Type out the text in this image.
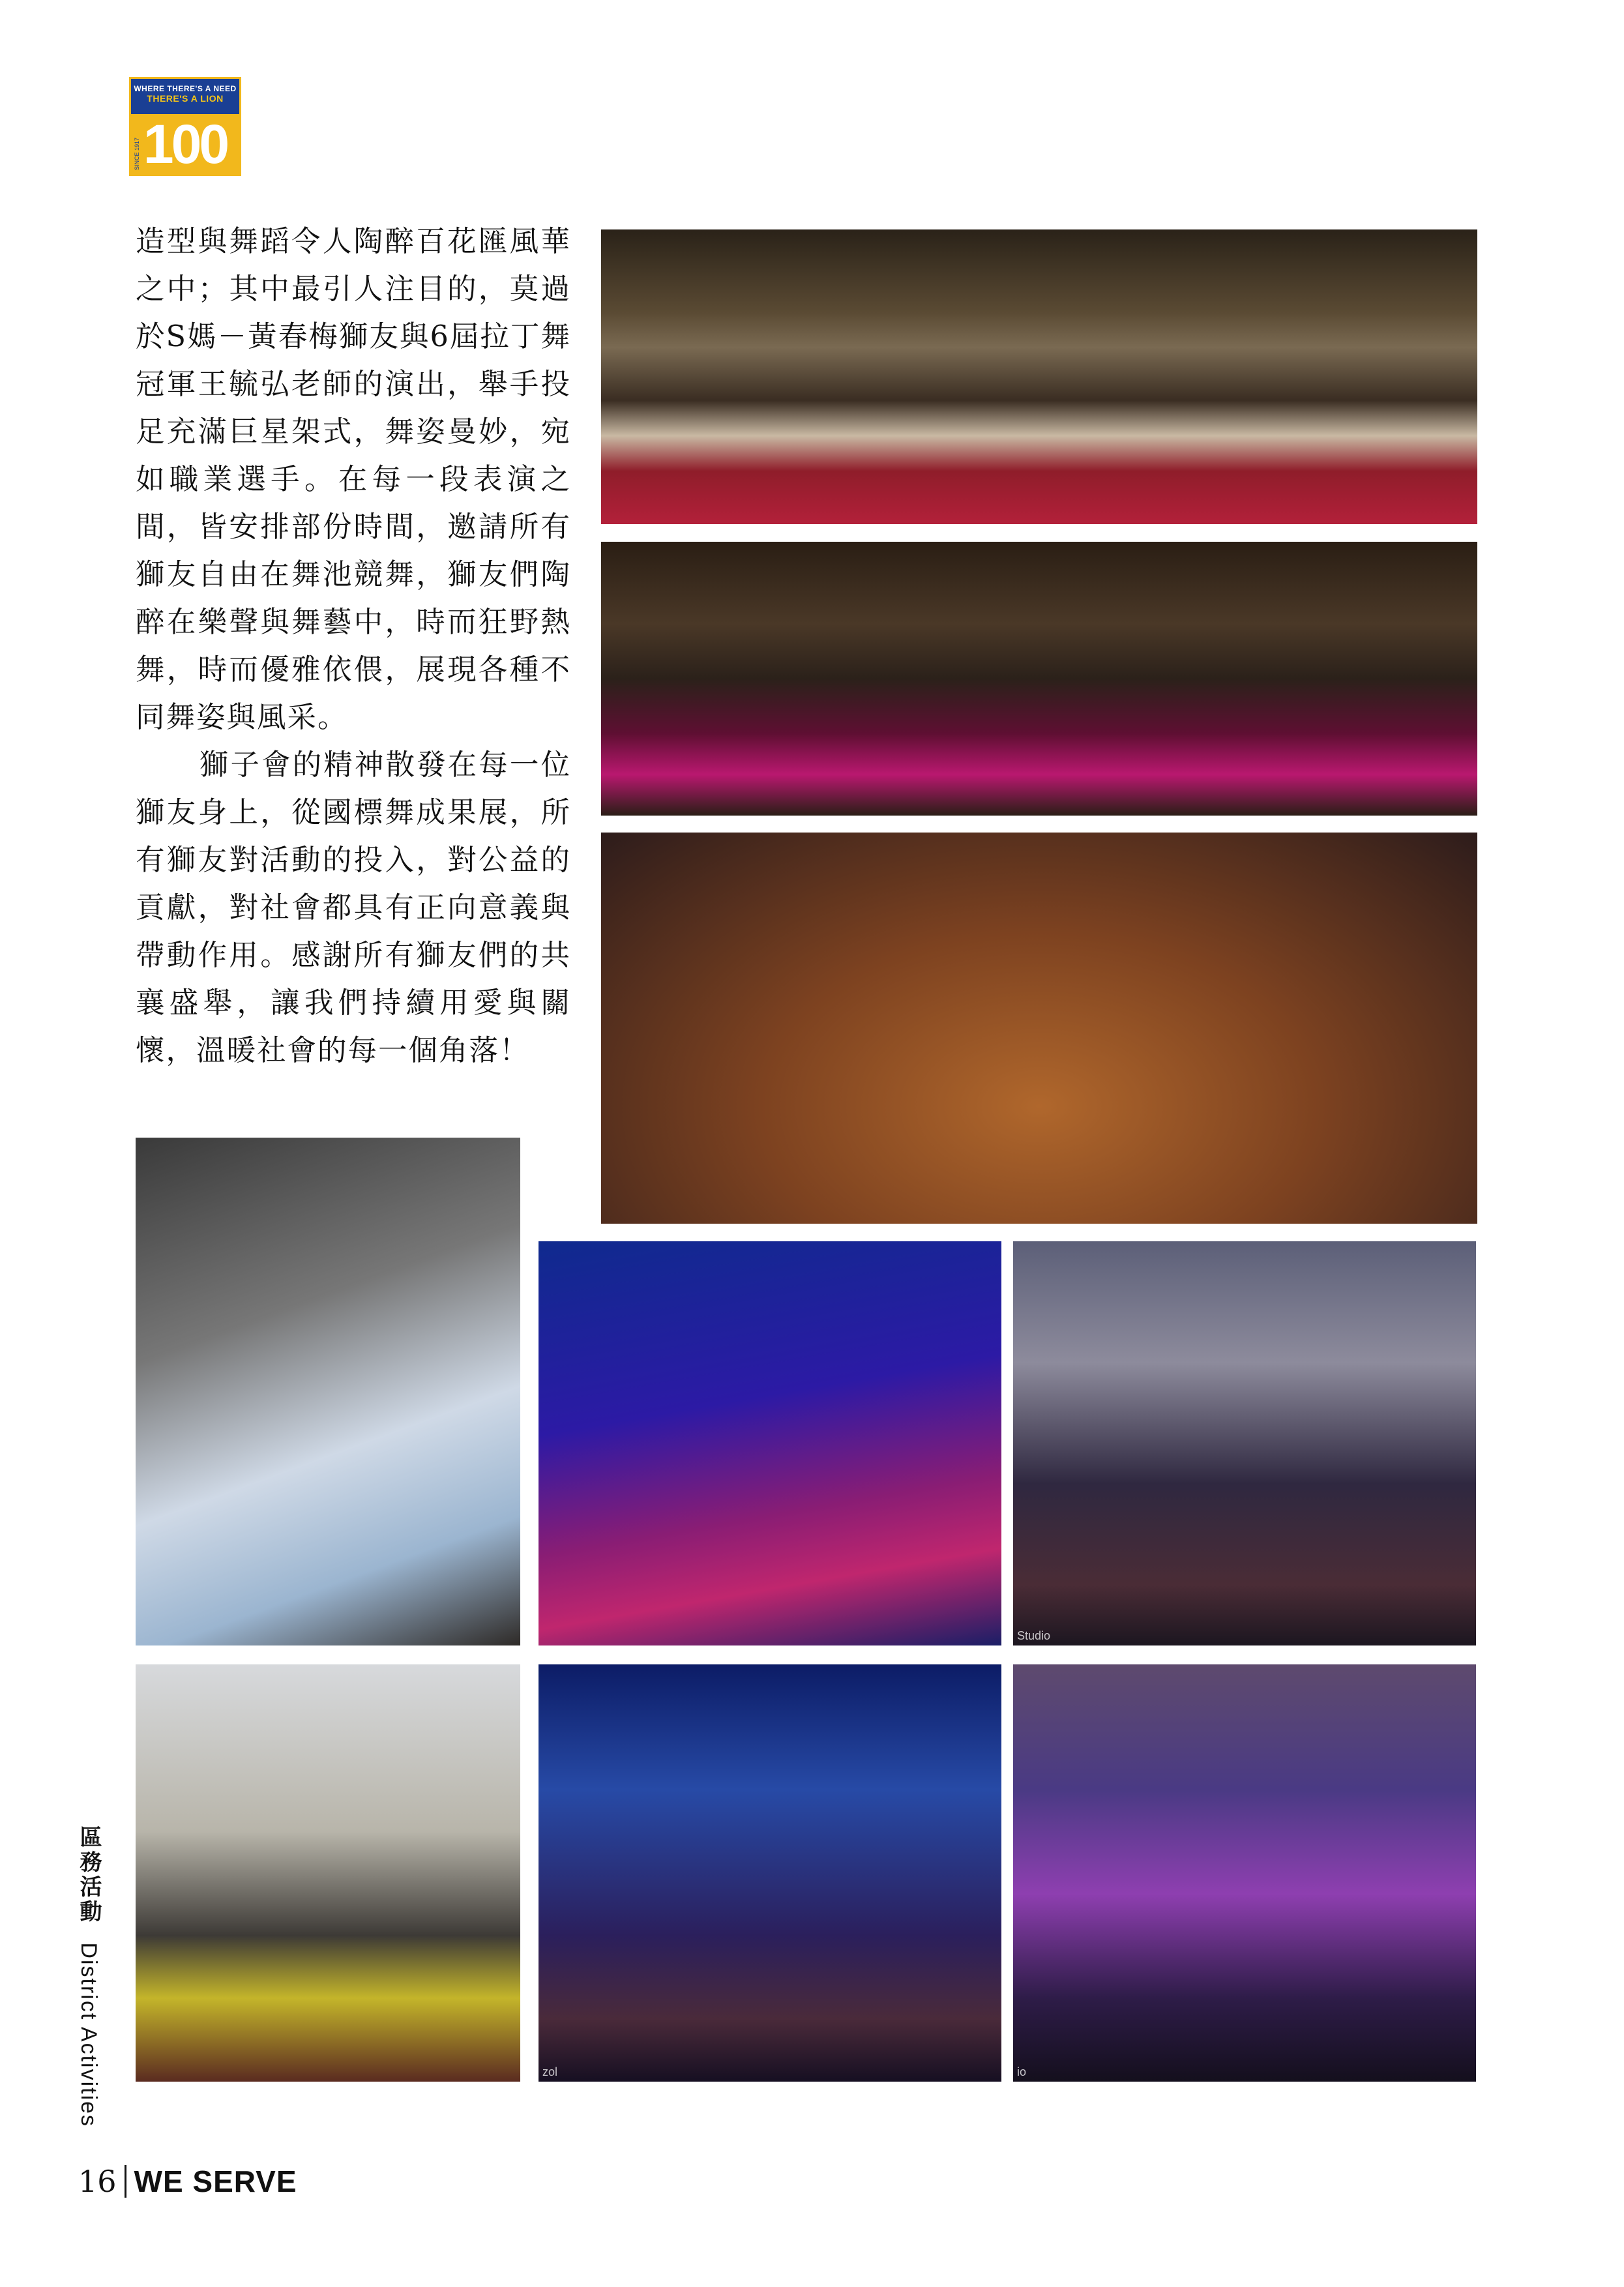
WHERE THERE'S A NEED
THERE'S A LION
100
SINCE 1917

造型與舞蹈令人陶醉百花匯風華之中；其中最引人注目的，莫過於S媽－黃春梅獅友與6屆拉丁舞冠軍王毓弘老師的演出，舉手投足充滿巨星架式，舞姿曼妙，宛如職業選手。在每一段表演之間，皆安排部份時間，邀請所有獅友自由在舞池競舞，獅友們陶醉在樂聲與舞藝中，時而狂野熱舞，時而優雅依偎，展現各種不同舞姿與風采。

獅子會的精神散發在每一位獅友身上，從國標舞成果展，所有獅友對活動的投入，對公益的貢獻，對社會都具有正向意義與帶動作用。感謝所有獅友們的共襄盛舉，讓我們持續用愛與關懷，溫暖社會的每一個角落！

Studio
zol	io
區務活動 District Activities
16 WE SERVE
